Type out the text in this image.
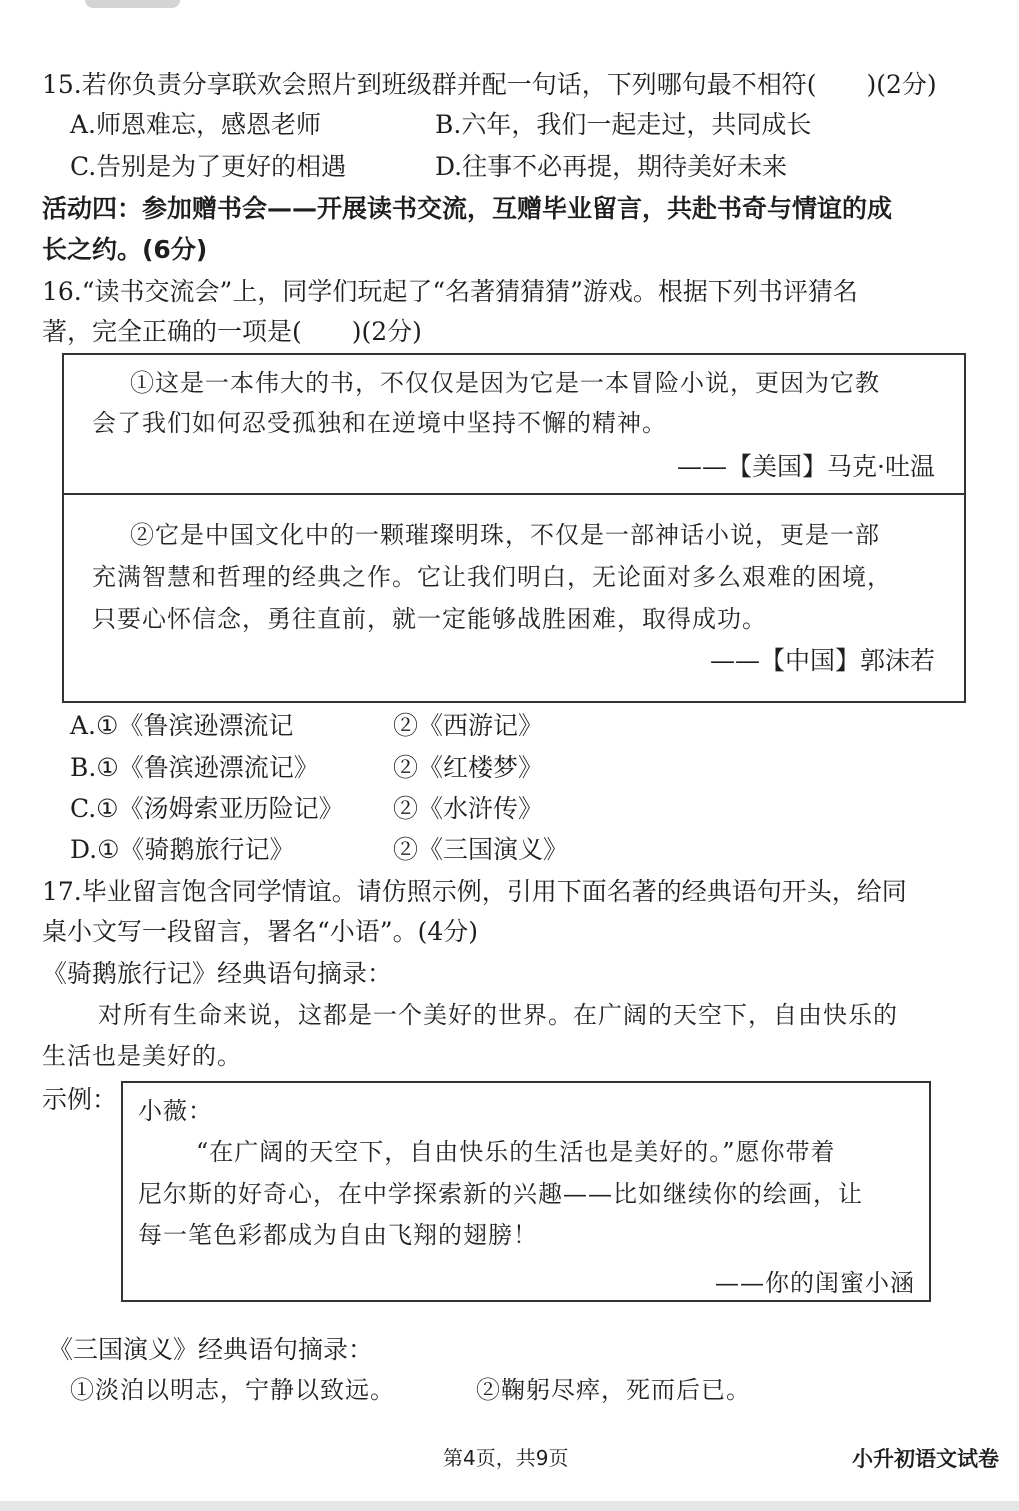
15.若你负责分享联欢会照片到班级群并配一句话，下列哪句最不相符(　　)(2分)
A.师恩难忘，感恩老师	B.六年，我们一起走过，共同成长
C.告别是为了更好的相遇	D.往事不必再提，期待美好未来
活动四：参加赠书会——开展读书交流，互赠毕业留言，共赴书奇与情谊的成
长之约。(6分)
16.“读书交流会”上，同学们玩起了“名著猜猜猜”游戏。根据下列书评猜名
著，完全正确的一项是(　　)(2分)
①这是一本伟大的书，不仅仅是因为它是一本冒险小说，更因为它教
会了我们如何忍受孤独和在逆境中坚持不懈的精神。
——【美国】马克·吐温
②它是中国文化中的一颗璀璨明珠，不仅是一部神话小说，更是一部
充满智慧和哲理的经典之作。它让我们明白，无论面对多么艰难的困境，
只要心怀信念，勇往直前，就一定能够战胜困难，取得成功。
——【中国】郭沫若
A.①《鲁滨逊漂流记	②《西游记》
B.①《鲁滨逊漂流记》	②《红楼梦》
C.①《汤姆索亚历险记》 ②《水浒传》
D.①《骑鹅旅行记》	②《三国演义》
17.毕业留言饱含同学情谊。请仿照示例，引用下面名著的经典语句开头，给同
桌小文写一段留言，署名“小语”。(4分)
《骑鹅旅行记》经典语句摘录：
对所有生命来说，这都是一个美好的世界。在广阔的天空下，自由快乐的
生活也是美好的。
示例： 小薇：
“在广阔的天空下，自由快乐的生活也是美好的。”愿你带着
尼尔斯的好奇心，在中学探索新的兴趣——比如继续你的绘画，让
每一笔色彩都成为自由飞翔的翅膀！
——你的闺蜜小涵
《三国演义》经典语句摘录：
①淡泊以明志，宁静以致远。	②鞠躬尽瘁，死而后已。
第4页，共9页	小升初语文试卷
